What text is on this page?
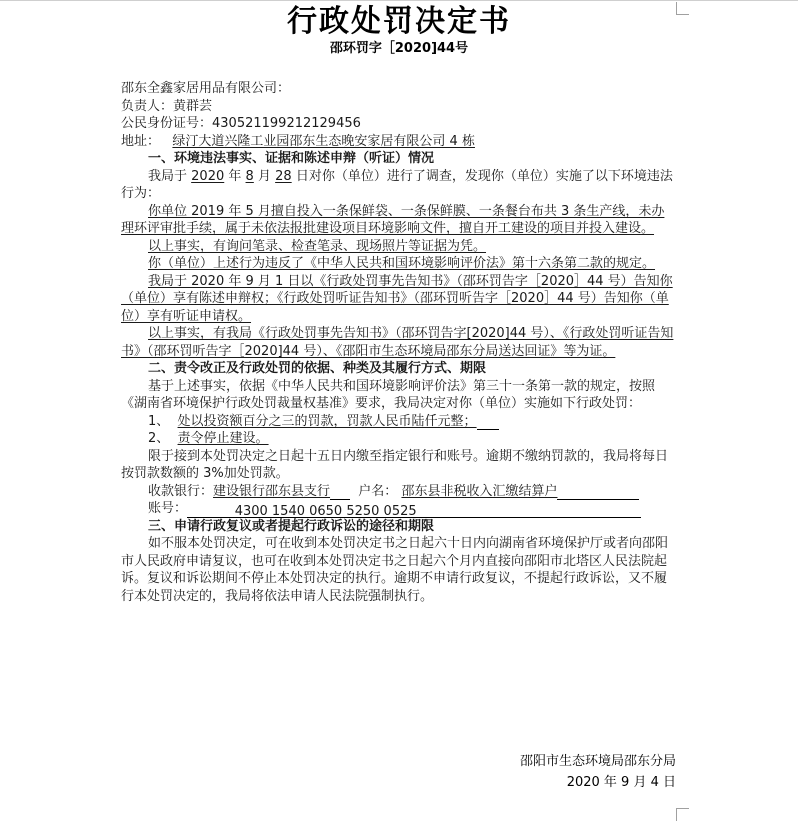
行政处罚决定书
邵环罚字［2020]44号

邵东全鑫家居用品有限公司：

负责人：黄群芸

公民身份证号：430521199212129456

地址： 绿汀大道兴隆工业园邵东生态晚安家居有限公司 4 栋

一、环境违法事实、证据和陈述申辩（听证）情况

我局于 2020 年 8 月 28 日对你（单位）进行了调查，发现你（单位）实施了以下环境违法行为：

你单位 2019 年 5 月擅自投入一条保鲜袋、一条保鲜膜、一条餐台布共 3 条生产线，未办理环评审批手续，属于未依法报批建设项目环境影响文件，擅自开工建设的项目并投入建设。

以上事实，有询问笔录、检查笔录、现场照片等证据为凭。

你（单位）上述行为违反了《中华人民共和国环境影响评价法》第十六条第二款的规定。

我局于 2020 年 9 月 1 日以《行政处罚事先告知书》（邵环罚告字［2020］44 号）告知你（单位）享有陈述申辩权；《行政处罚听证告知书》（邵环罚听告字［2020］44 号）告知你（单位）享有听证申请权。

以上事实，有我局《行政处罚事先告知书》（邵环罚告字[2020]44 号）、《行政处罚听证告知书》（邵环罚听告字［2020]44 号）、《邵阳市生态环境局邵东分局送达回证》等为证。

二、责令改正及行政处罚的依据、种类及其履行方式、期限

基于上述事实，依据《中华人民共和国环境影响评价法》第三十一条第一款的规定，按照《湖南省环境保护行政处罚裁量权基准》要求，我局决定对你（单位）实施如下行政处罚：

1、 处以投资额百分之三的罚款，罚款人民币陆仟元整；

2、 责令停止建设。

限于接到本处罚决定之日起十五日内缴至指定银行和账号。逾期不缴纳罚款的，我局将每日按罚款数额的 3%加处罚款。

收款银行：建设银行邵东县支行 户名： 邵东县非税收入汇缴结算户

账号：	4300 1540 0650 5250 0525

三、申请行政复议或者提起行政诉讼的途径和期限

如不服本处罚决定，可在收到本处罚决定书之日起六十日内向湖南省环境保护厅或者向邵阳市人民政府申请复议，也可在收到本处罚决定书之日起六个月内直接向邵阳市北塔区人民法院起诉。复议和诉讼期间不停止本处罚决定的执行。逾期不申请行政复议，不提起行政诉讼，又不履行本处罚决定的，我局将依法申请人民法院强制执行。

邵阳市生态环境局邵东分局
2020 年 9 月 4 日
